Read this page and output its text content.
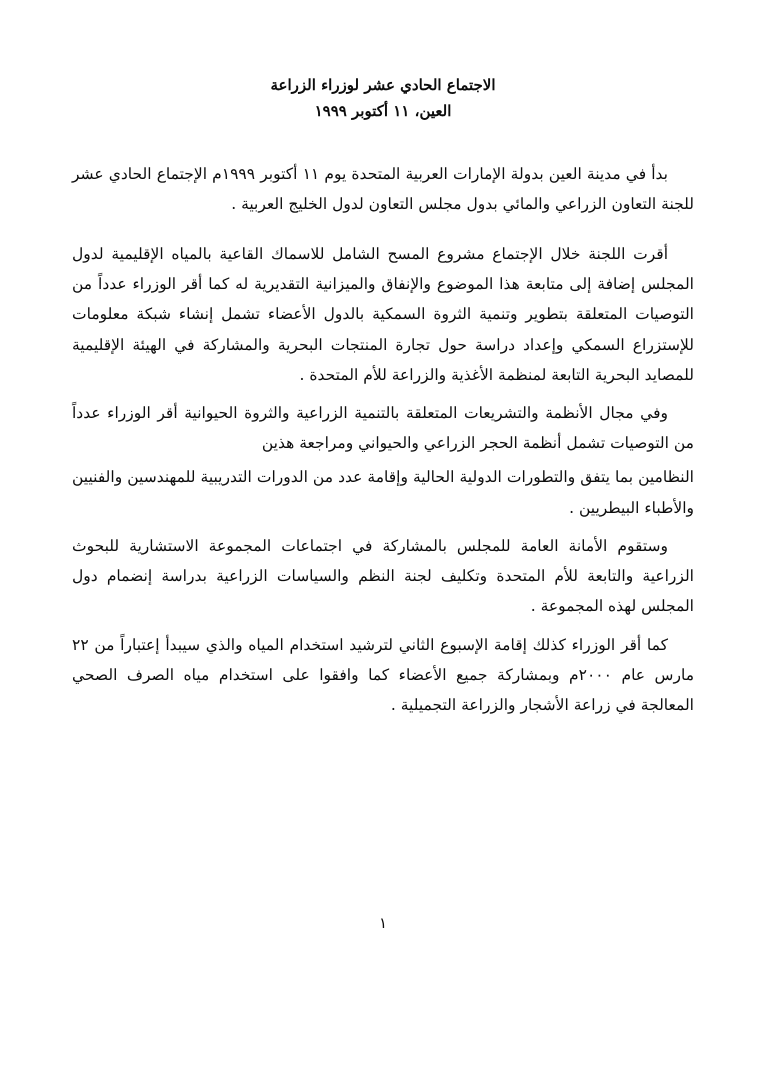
الاجتماع الحادي عشر لوزراء الزراعة
العين، ١١ أكتوبر ١٩٩٩

بدأ في مدينة العين بدولة الإمارات العربية المتحدة يوم ١١ أكتوبر ١٩٩٩م الإجتماع الحادي عشر للجنة التعاون الزراعي والمائي بدول مجلس التعاون لدول الخليج العربية .

أقرت اللجنة خلال الإجتماع مشروع المسح الشامل للاسماك القاعية بالمياه الإقليمية لدول المجلس إضافة إلى متابعة هذا الموضوع والإنفاق والميزانية التقديرية له كما أقر الوزراء عدداً من التوصيات المتعلقة بتطوير وتنمية الثروة السمكية بالدول الأعضاء تشمل إنشاء شبكة معلومات للإستزراع السمكي وإعداد دراسة حول تجارة المنتجات البحرية والمشاركة في الهيئة الإقليمية للمصايد البحرية التابعة لمنظمة الأغذية والزراعة للأم المتحدة .

وفي مجال الأنظمة والتشريعات المتعلقة بالتنمية الزراعية والثروة الحيوانية أقر الوزراء عدداً من التوصيات تشمل أنظمة الحجر الزراعي والحيواني ومراجعة هذين

النظامين بما يتفق والتطورات الدولية الحالية وإقامة عدد من الدورات التدريبية للمهندسين والفنيين والأطباء البيطريين .

وستقوم الأمانة العامة للمجلس بالمشاركة في اجتماعات المجموعة الاستشارية للبحوث الزراعية والتابعة للأم المتحدة وتكليف لجنة النظم والسياسات الزراعية بدراسة إنضمام دول المجلس لهذه المجموعة .

كما أقر الوزراء كذلك إقامة الإسبوع الثاني لترشيد استخدام المياه والذي سيبدأ إعتباراً من ٢٢ مارس عام ٢٠٠٠م وبمشاركة جميع الأعضاء كما وافقوا على استخدام مياه الصرف الصحي المعالجة في زراعة الأشجار والزراعة التجميلية .

١
